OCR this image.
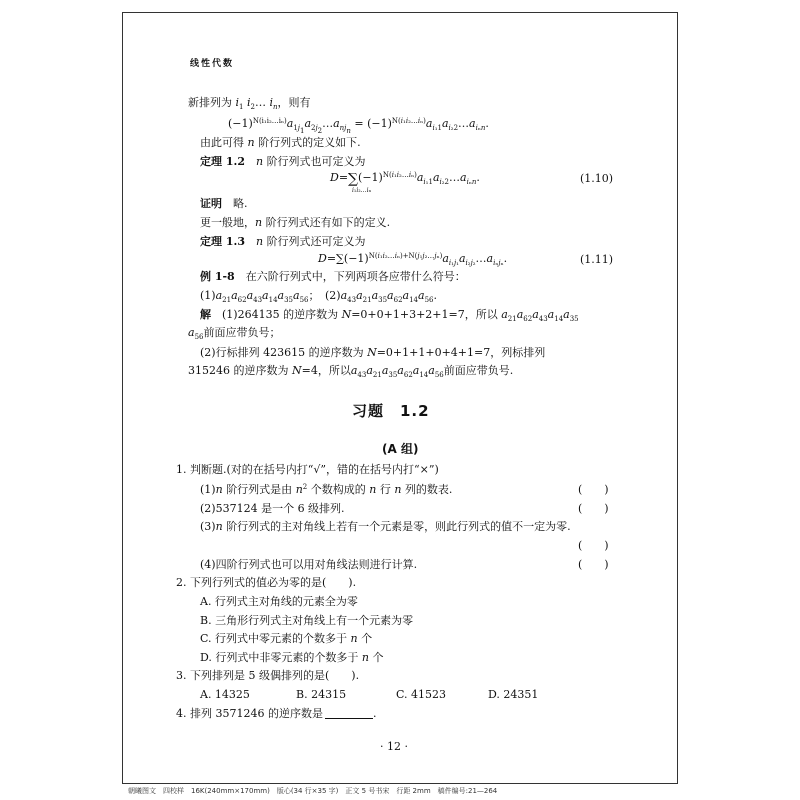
线性代数
新排列为 $i_1$ $i_2\dots$ $i_n$，则有
$(-1)^{N(i_1i_2\dots i_n)}a_{1j_1}a_{2j_2}\dots a_{nj_n}$ = $(-1)^{N(i_1i_2\dots i_n)}a_{i_11}a_{i_22}\dots a_{i_nn}$.
由此可得 n 阶行列式的定义如下.
定理 1.2　 n 阶行列式也可定义为
$D=\sum(-1)^{N(i_1i_2\dots i_n)}a_{i_11}a_{i_22}\dots a_{i_nn}$.
i₁i₂…iₙ
(1.10)
证明　 略.
更一般地，n 阶行列式还有如下的定义.
定理 1.3　 n 阶行列式还可定义为
$D=\sum(-1)^{N(i_1i_2\dots i_n)+N(j_1j_2\dots j_n)}a_{i_1j_1}a_{i_2j_2}\dots a_{i_nj_n}$.	(1.11)
例 1-8　 在六阶行列式中，下列两项各应带什么符号：
$(1)a_{21}a_{62}a_{43}a_{14}a_{35}a_{56}$；　$(2)a_{43}a_{21}a_{35}a_{62}a_{14}a_{56}$.
解　 (1)264135 的逆序数为 N=0+0+1+3+2+1=7，所以 $a_{21}a_{62}a_{43}a_{14}a_{35}$
$a_{56}$前面应带负号；
(2)行标排列 423615 的逆序数为 N=0+1+1+0+4+1=7，列标排列
315246 的逆序数为 N=4，所以$a_{43}a_{21}a_{35}a_{62}a_{14}a_{56}$前面应带负号.
习题　1.2
(A 组)
1. 判断题.(对的在括号内打“√”，错的在括号内打“×”)
(1)n 阶行列式是由 $n^2$ 个数构成的 n 行 n 列的数表.	(　　)
(2)537124 是一个 6 级排列.	(　　)
(3)n 阶行列式的主对角线上若有一个元素是零，则此行列式的值不一定为零.
(　　)
(4)四阶行列式也可以用对角线法则进行计算.	(　　)
2. 下列行列式的值必为零的是(　　).
A. 行列式主对角线的元素全为零
B. 三角形行列式主对角线上有一个元素为零
C. 行列式中零元素的个数多于 n 个
D. 行列式中非零元素的个数多于 n 个
3. 下列排列是 5 级偶排列的是(　　).
A. 14325	B. 24315	C. 41523	D. 24351
4. 排列 3571246 的逆序数是	.
· 12 ·
朝曦图文　四校样　16K(240mm×170mm)　版心(34 行×35 字)　正文 5 号书宋　行距 2mm　稿件编号:21—264
